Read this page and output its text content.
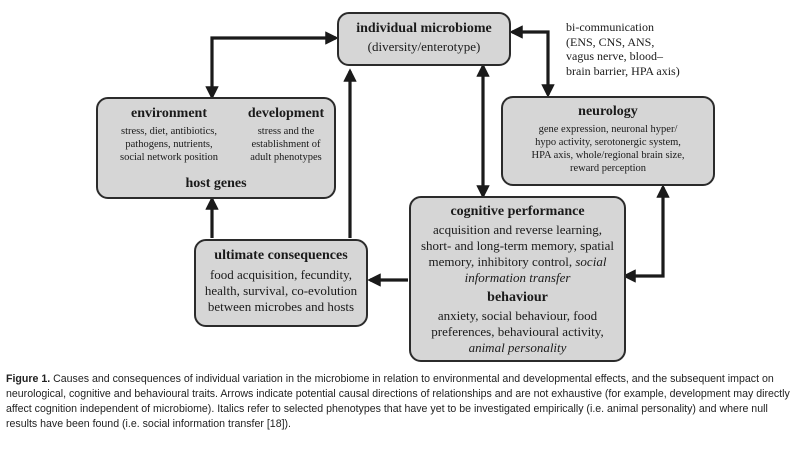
individual microbiome
(diversity/enterotype)
bi-communication
(ENS, CNS, ANS,
vagus nerve, blood–
brain barrier, HPA axis)
environment
stress, diet, antibiotics,
pathogens, nutrients,
social network position
development
stress and the
establishment of
adult phenotypes
host genes
neurology
gene expression, neuronal hyper/
hypo activity, serotonergic system,
HPA axis, whole/regional brain size,
reward perception
ultimate consequences
food acquisition, fecundity,
health, survival, co-evolution
between microbes and hosts
cognitive performance
acquisition and reverse learning,
short- and long-term memory, spatial
memory, inhibitory control, social
information transfer
behaviour
anxiety, social behaviour, food
preferences, behavioural activity,
animal personality
Figure 1. Causes and consequences of individual variation in the microbiome in relation to environmental and developmental effects, and the subsequent impact on neurological, cognitive and behavioural traits. Arrows indicate potential causal directions of relationships and are not exhaustive (for example, development may directly affect cognition independent of microbiome). Italics refer to selected phenotypes that have yet to be investigated empirically (i.e. animal personality) and where null results have been found (i.e. social information transfer [18]).
